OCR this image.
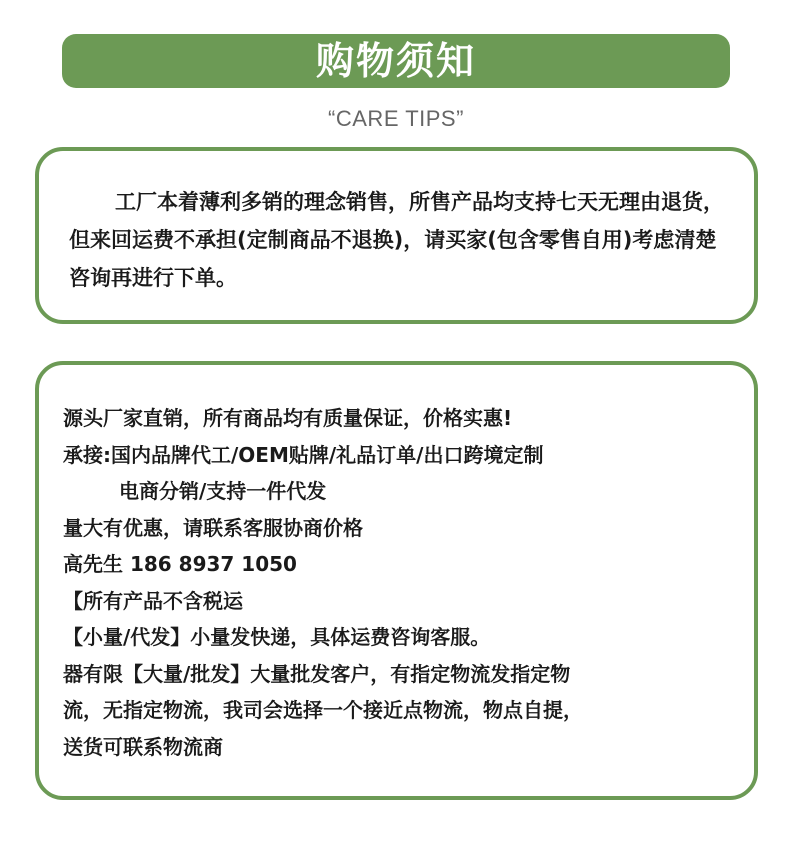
购物须知
“CARE TIPS”

工厂本着薄利多销的理念销售，所售产品均支持七天无理由退货，但来回运费不承担(定制商品不退换)，请买家(包含零售自用)考虑清楚咨询再进行下单。

源头厂家直销，所有商品均有质量保证，价格实惠!

承接:国内品牌代工/OEM贴牌/礼品订单/出口跨境定制

电商分销/支持一件代发

量大有优惠，请联系客服协商价格

高先生 186 8937 1050

【所有产品不含税运

【小量/代发】小量发快递，具体运费咨询客服。

器有限【大量/批发】大量批发客户，有指定物流发指定物

流，无指定物流，我司会选择一个接近点物流，物点自提，

送货可联系物流商
